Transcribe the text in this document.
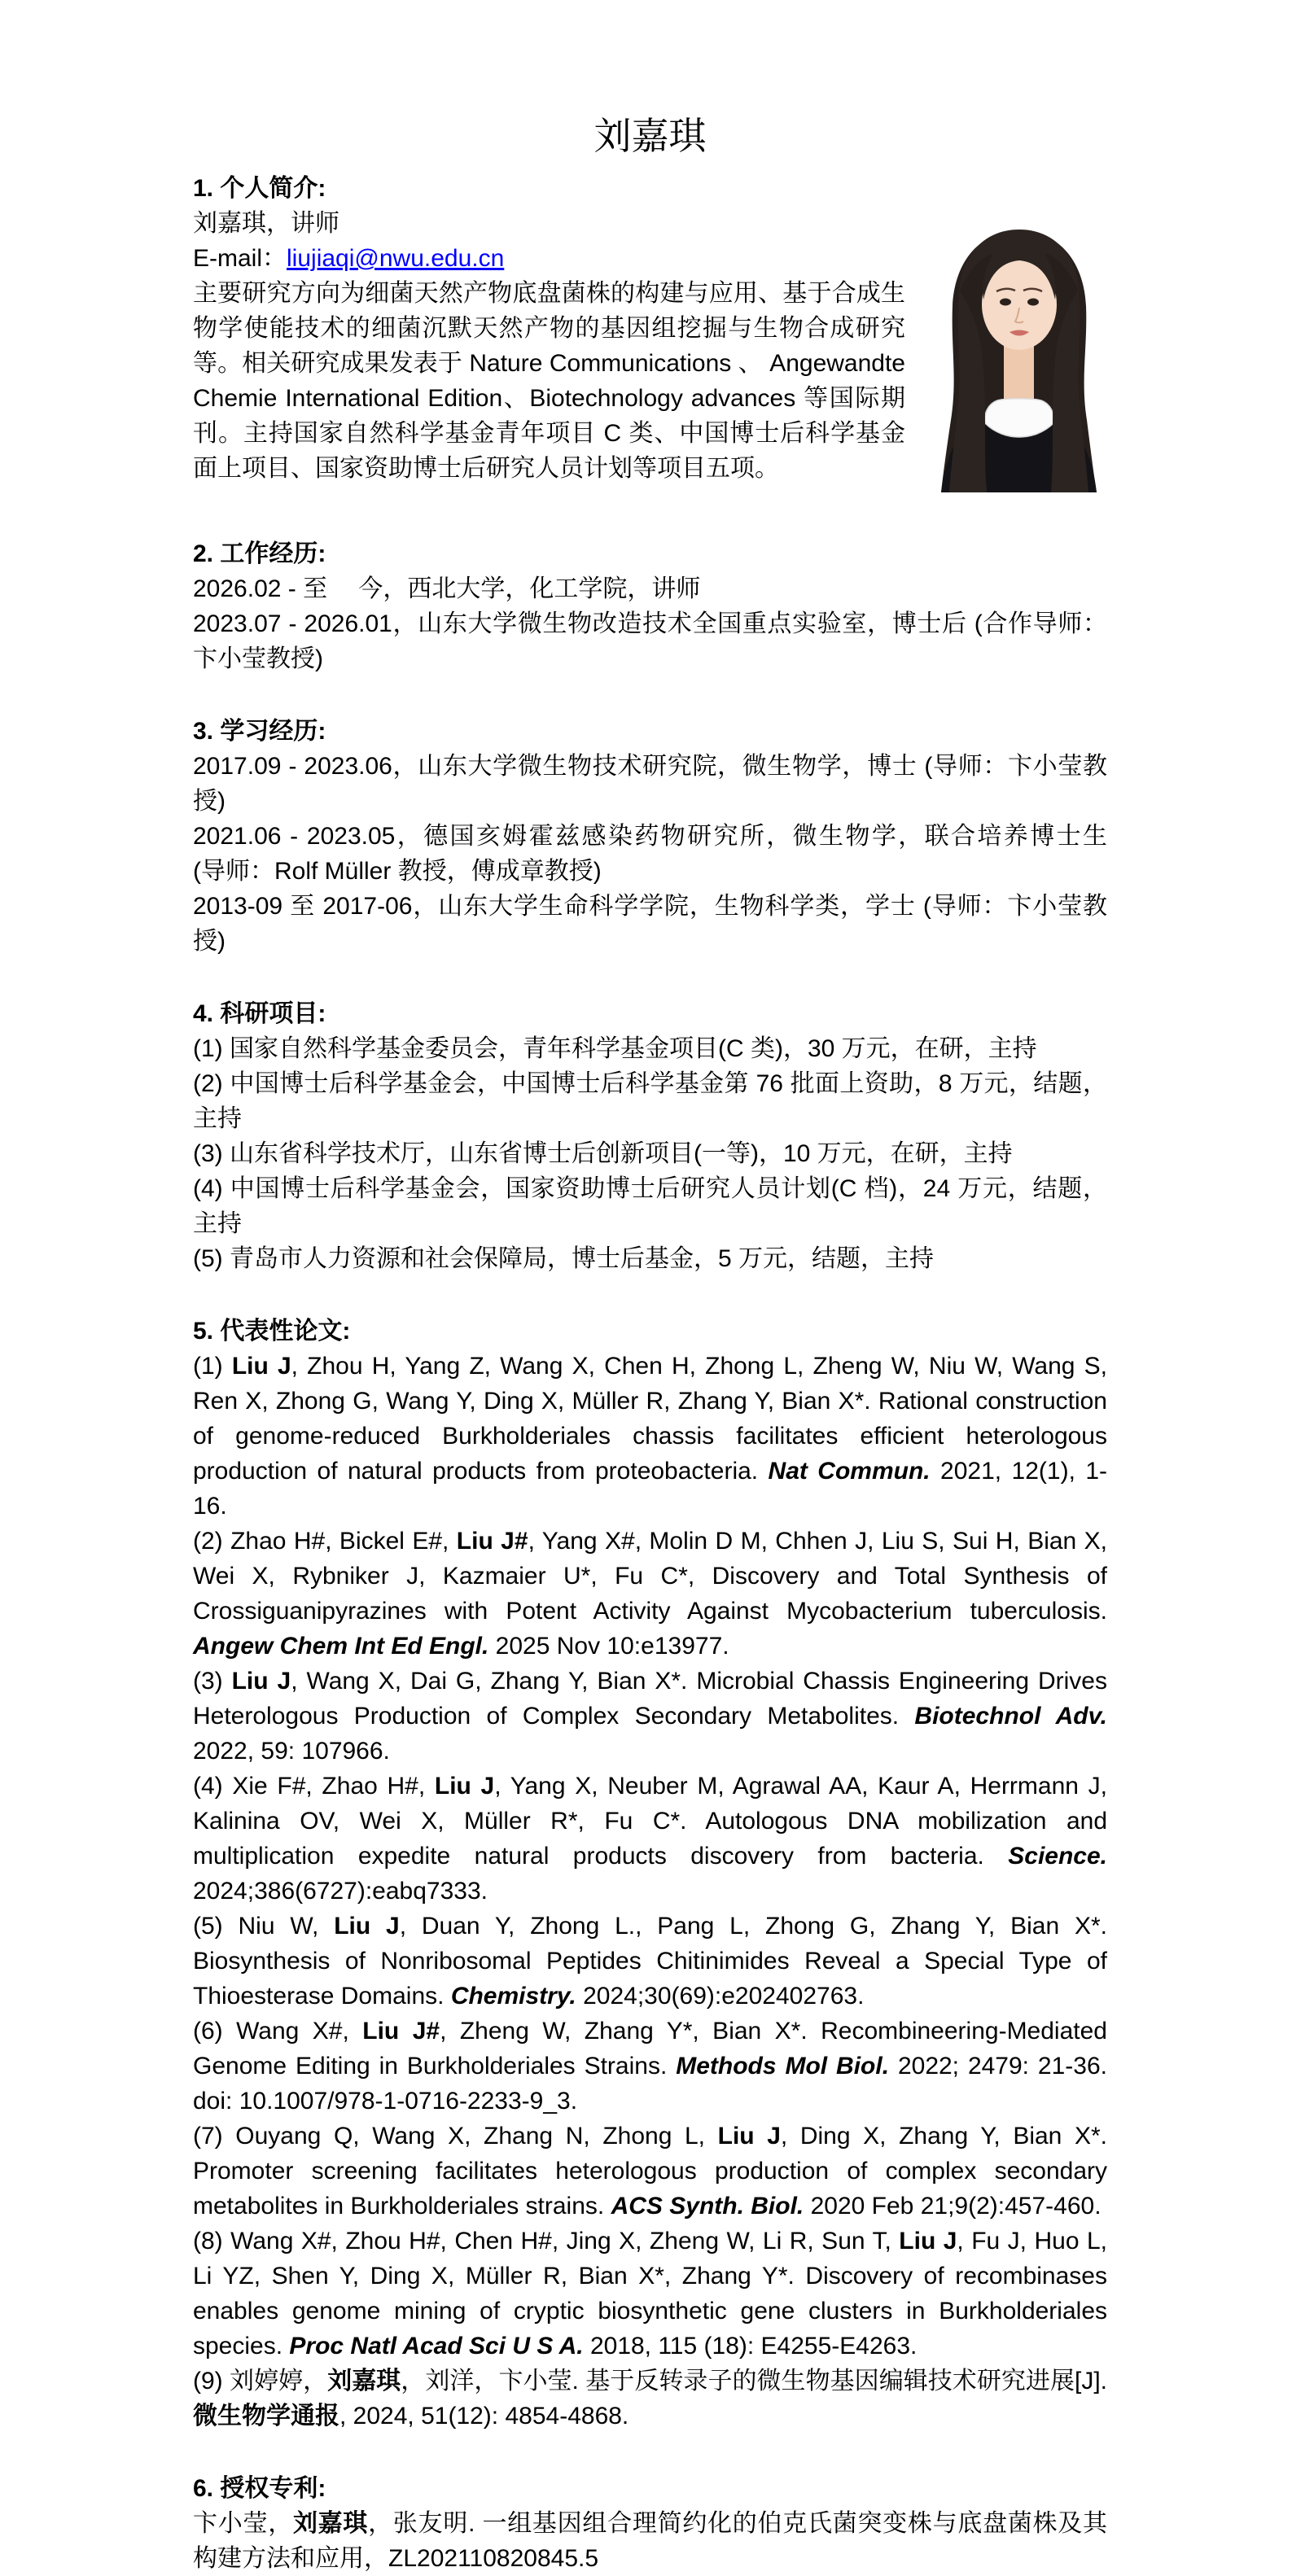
刘嘉琪
1. 个人简介:

刘嘉琪，讲师

E-mail：liujiaqi@nwu.edu.cn

主要研究方向为细菌天然产物底盘菌株的构建与应用、基于合成生物学使能技术的细菌沉默天然产物的基因组挖掘与生物合成研究等。相关研究成果发表于 Nature Communications 、 Angewandte Chemie International Edition、Biotechnology advances 等国际期刊。主持国家自然科学基金青年项目 C 类、中国博士后科学基金面上项目、国家资助博士后研究人员计划等项目五项。

2. 工作经历:

2026.02 - 至　 今，西北大学，化工学院，讲师

2023.07 - 2026.01，山东大学微生物改造技术全国重点实验室，博士后 (合作导师：卞小莹教授)

3. 学习经历:

2017.09 - 2023.06，山东大学微生物技术研究院，微生物学，博士 (导师：卞小莹教授)

2021.06 - 2023.05，德国亥姆霍兹感染药物研究所，微生物学，联合培养博士生　(导师：Rolf Müller 教授，傅成章教授)

2013-09 至 2017-06，山东大学生命科学学院，生物科学类，学士 (导师：卞小莹教授)

4. 科研项目:

(1) 国家自然科学基金委员会，青年科学基金项目(C 类)，30 万元，在研，主持

(2) 中国博士后科学基金会，中国博士后科学基金第 76 批面上资助，8 万元，结题，主持

(3) 山东省科学技术厅，山东省博士后创新项目(一等)，10 万元，在研，主持

(4) 中国博士后科学基金会，国家资助博士后研究人员计划(C 档)，24 万元，结题，主持

(5) 青岛市人力资源和社会保障局，博士后基金，5 万元，结题，主持

5. 代表性论文:

(1) Liu J, Zhou H, Yang Z, Wang X, Chen H, Zhong L, Zheng W, Niu W, Wang S, Ren X, Zhong G, Wang Y, Ding X, Müller R, Zhang Y, Bian X*. Rational construction of genome-reduced Burkholderiales chassis facilitates efficient heterologous production of natural products from proteobacteria. Nat Commun. 2021, 12(1), 1-16.

(2) Zhao H#, Bickel E#, Liu J#, Yang X#, Molin D M, Chhen J, Liu S, Sui H, Bian X, Wei X, Rybniker J, Kazmaier U*, Fu C*, Discovery and Total Synthesis of Crossiguanipyrazines with Potent Activity Against Mycobacterium tuberculosis. Angew Chem Int Ed Engl. 2025 Nov 10:e13977.

(3) Liu J, Wang X, Dai G, Zhang Y, Bian X*. Microbial Chassis Engineering Drives Heterologous Production of Complex Secondary Metabolites. Biotechnol Adv. 2022, 59: 107966.

(4) Xie F#, Zhao H#, Liu J, Yang X, Neuber M, Agrawal AA, Kaur A, Herrmann J, Kalinina OV, Wei X, Müller R*, Fu C*. Autologous DNA mobilization and multiplication expedite natural products discovery from bacteria. Science. 2024;386(6727):eabq7333.

(5) Niu W, Liu J, Duan Y, Zhong L., Pang L, Zhong G, Zhang Y, Bian X*. Biosynthesis of Nonribosomal Peptides Chitinimides Reveal a Special Type of Thioesterase Domains. Chemistry. 2024;30(69):e202402763.

(6) Wang X#, Liu J#, Zheng W, Zhang Y*, Bian X*. Recombineering-Mediated Genome Editing in Burkholderiales Strains. Methods Mol Biol. 2022; 2479: 21-36. doi: 10.1007/978-1-0716-2233-9_3.

(7) Ouyang Q, Wang X, Zhang N, Zhong L, Liu J, Ding X, Zhang Y, Bian X*. Promoter screening facilitates heterologous production of complex secondary metabolites in Burkholderiales strains. ACS Synth. Biol. 2020 Feb 21;9(2):457-460.

(8) Wang X#, Zhou H#, Chen H#, Jing X, Zheng W, Li R, Sun T, Liu J, Fu J, Huo L, Li YZ, Shen Y, Ding X, Müller R, Bian X*, Zhang Y*. Discovery of recombinases enables genome mining of cryptic biosynthetic gene clusters in Burkholderiales species. Proc Natl Acad Sci U S A. 2018, 115 (18): E4255-E4263.

(9) 刘婷婷，刘嘉琪，刘洋，卞小莹. 基于反转录子的微生物基因编辑技术研究进展[J]. 微生物学通报, 2024, 51(12): 4854-4868.

6. 授权专利:

卞小莹，刘嘉琪，张友明. 一组基因组合理简约化的伯克氏菌突变株与底盘菌株及其构建方法和应用，ZL202110820845.5
